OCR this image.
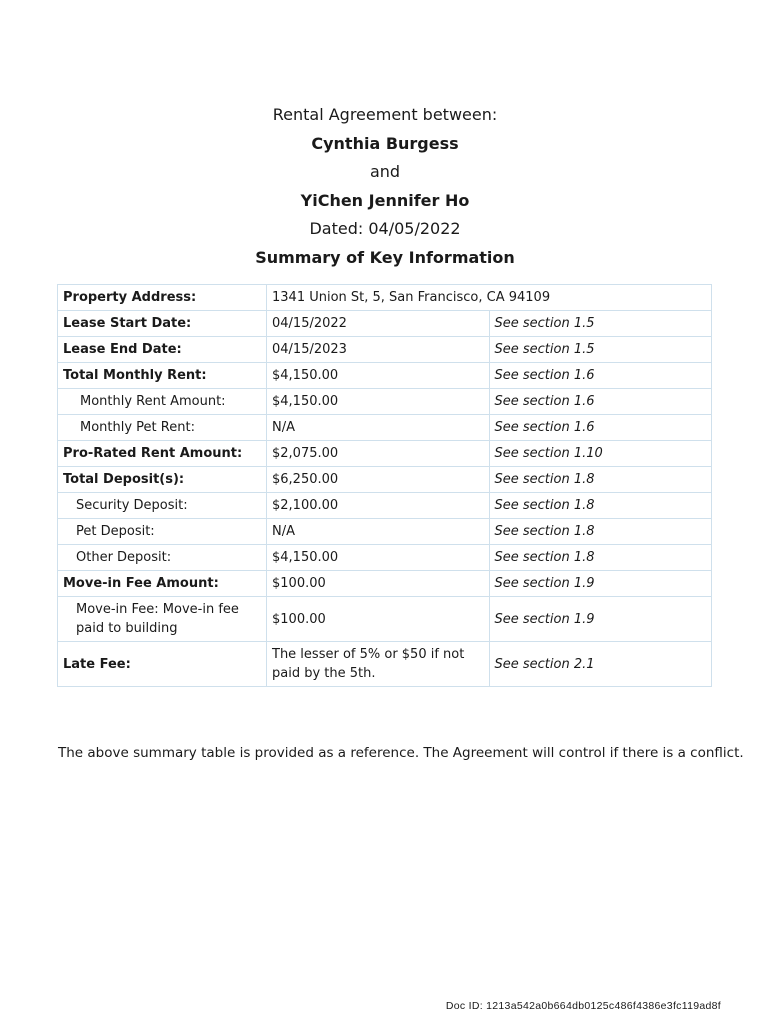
Rental Agreement between:
Cynthia Burgess
and
YiChen Jennifer Ho
Dated: 04/05/2022
Summary of Key Information
Property Address:	1341 Union St, 5, San Francisco, CA 94109	
Lease Start Date:	04/15/2022	See section 1.5
Lease End Date:	04/15/2023	See section 1.5
Total Monthly Rent:	$4,150.00	See section 1.6
Monthly Rent Amount:	$4,150.00	See section 1.6
Monthly Pet Rent:	N/A	See section 1.6
Pro-Rated Rent Amount:	$2,075.00	See section 1.10
Total Deposit(s):	$6,250.00	See section 1.8
Security Deposit:	$2,100.00	See section 1.8
Pet Deposit:	N/A	See section 1.8
Other Deposit:	$4,150.00	See section 1.8
Move-in Fee Amount:	$100.00	See section 1.9
Move-in Fee: Move-in fee paid to building	$100.00	See section 1.9
Late Fee:	The lesser of 5% or $50 if not paid by the 5th.	See section 2.1
The above summary table is provided as a reference. The Agreement will control if there is a conflict.
Doc ID: 1213a542a0b664db0125c486f4386e3fc119ad8f
